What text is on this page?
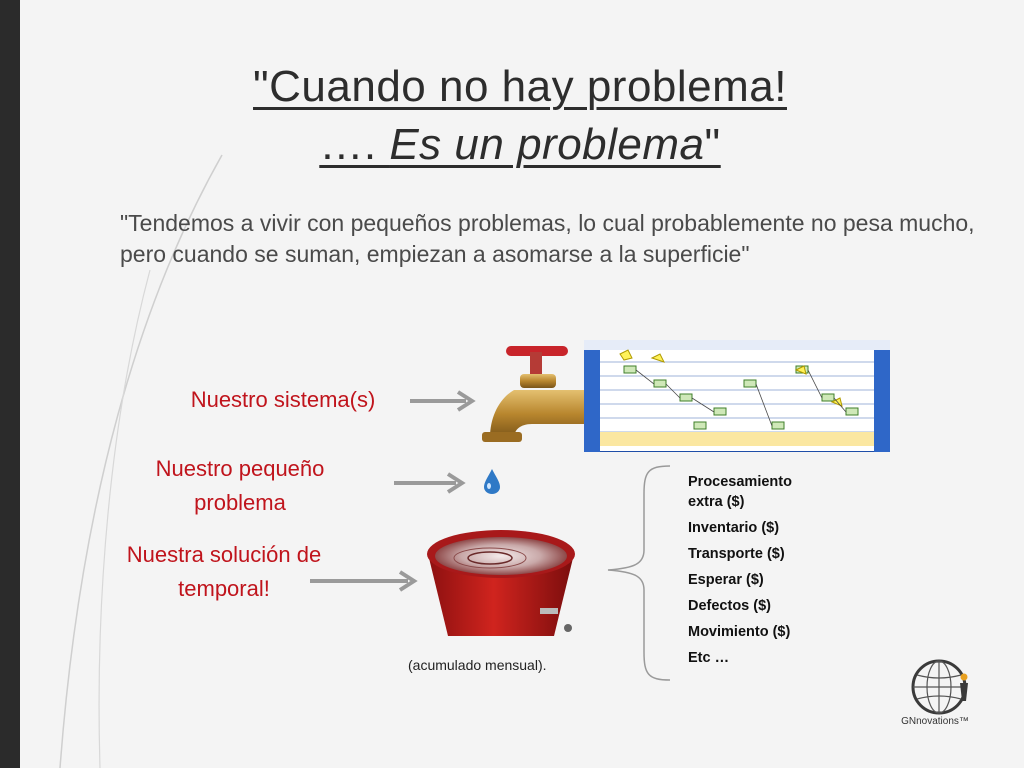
"Cuando no hay problema!
…. Es un problema"
"Tendemos a vivir con pequeños problemas, lo cual probablemente no pesa mucho, pero cuando se suman, empiezan a asomarse a la superficie"
Nuestro sistema(s)
Nuestro pequeño problema
Nuestra solución de temporal!
(acumulado mensual).
Procesamiento extra ($)
Inventario ($)
Transporte ($)
Esperar ($)
Defectos ($)
Movimiento ($)
Etc …
GNnovations™
